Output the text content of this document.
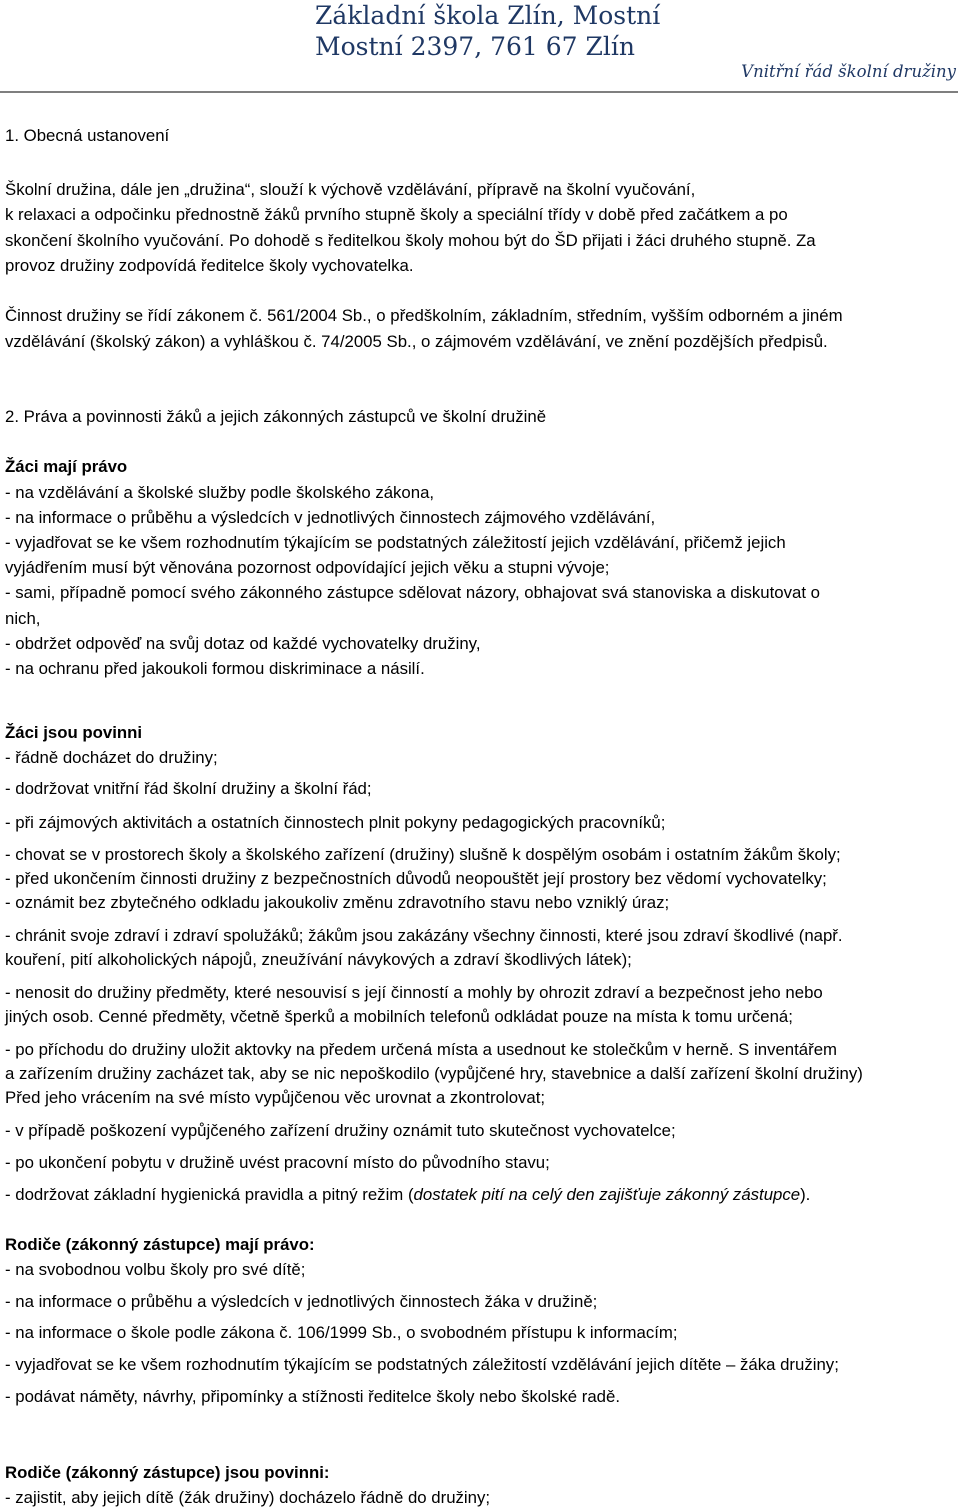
Základní škola Zlín, Mostní
Mostní 2397, 761 67 Zlín
Vnitřní řád školní družiny
1. Obecná ustanovení
Školní družina, dále jen „družina“, slouží k výchově vzdělávání, přípravě na školní vyučování,
k relaxaci a odpočinku přednostně žáků prvního stupně školy a speciální třídy v době před začátkem a po
skončení školního vyučování. Po dohodě s ředitelkou školy mohou být do ŠD přijati i žáci druhého stupně. Za
provoz družiny zodpovídá ředitelce školy vychovatelka.
Činnost družiny se řídí zákonem č. 561/2004 Sb., o předškolním, základním, středním, vyšším odborném a jiném
vzdělávání (školský zákon) a vyhláškou č. 74/2005 Sb., o zájmovém vzdělávání, ve znění pozdějších předpisů.
2. Práva a povinnosti žáků a jejich zákonných zástupců ve školní družině
Žáci mají právo
- na vzdělávání a školské služby podle školského zákona,
- na informace o průběhu a výsledcích v jednotlivých činnostech zájmového vzdělávání,
- vyjadřovat se ke všem rozhodnutím týkajícím se podstatných záležitostí jejich vzdělávání, přičemž jejich
vyjádřením musí být věnována pozornost odpovídající jejich věku a stupni vývoje;
- sami, případně pomocí svého zákonného zástupce sdělovat názory, obhajovat svá stanoviska a diskutovat o
nich,
- obdržet odpověď na svůj dotaz od každé vychovatelky družiny,
- na ochranu před jakoukoli formou diskriminace a násilí.
Žáci jsou povinni
- řádně docházet do družiny;
- dodržovat vnitřní řád školní družiny a školní řád;
- při zájmových aktivitách a ostatních činnostech plnit pokyny pedagogických pracovníků;
- chovat se v prostorech školy a školského zařízení (družiny) slušně k dospělým osobám i ostatním žákům školy;
- před ukončením činnosti družiny z bezpečnostních důvodů neopouštět její prostory bez vědomí vychovatelky;
- oznámit bez zbytečného odkladu jakoukoliv změnu zdravotního stavu nebo vzniklý úraz;
- chránit svoje zdraví i zdraví spolužáků; žákům jsou zakázány všechny činnosti, které jsou zdraví škodlivé (např.
kouření, pití alkoholických nápojů, zneužívání návykových a zdraví škodlivých látek);
- nenosit do družiny předměty, které nesouvisí s její činností a mohly by ohrozit zdraví a bezpečnost jeho nebo
jiných osob. Cenné předměty, včetně šperků a mobilních telefonů odkládat pouze na místa k tomu určená;
- po příchodu do družiny uložit aktovky na předem určená místa a usednout ke stolečkům v herně. S inventářem
a zařízením družiny zacházet tak, aby se nic nepoškodilo (vypůjčené hry, stavebnice a další zařízení školní družiny)
Před jeho vrácením na své místo vypůjčenou věc urovnat a zkontrolovat;
- v případě poškození vypůjčeného zařízení družiny oznámit tuto skutečnost vychovatelce;
- po ukončení pobytu v družině uvést pracovní místo do původního stavu;
- dodržovat základní hygienická pravidla a pitný režim (dostatek pití na celý den zajišťuje zákonný zástupce).
Rodiče (zákonný zástupce) mají právo:
- na svobodnou volbu školy pro své dítě;
- na informace o průběhu a výsledcích v jednotlivých činnostech žáka v družině;
- na informace o škole podle zákona č. 106/1999 Sb., o svobodném přístupu k informacím;
- vyjadřovat se ke všem rozhodnutím týkajícím se podstatných záležitostí vzdělávání jejich dítěte – žáka družiny;
- podávat náměty, návrhy, připomínky a stížnosti ředitelce školy nebo školské radě.
Rodiče (zákonný zástupce) jsou povinni:
- zajistit, aby jejich dítě (žák družiny) docházelo řádně do družiny;
